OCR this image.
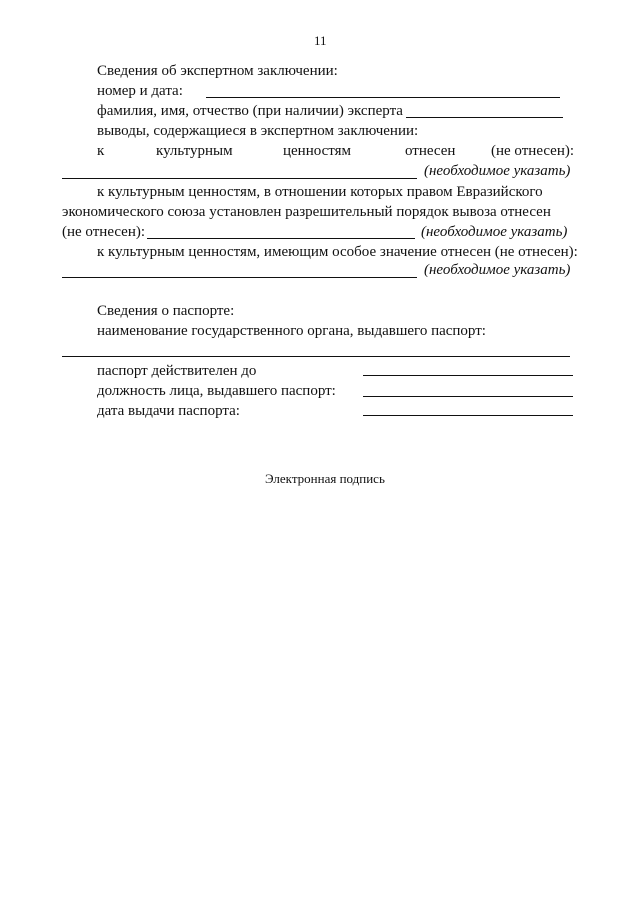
11
Сведения об экспертном заключении:
номер и дата:
фамилия, имя, отчество (при наличии) эксперта
выводы, содержащиеся в экспертном заключении:
к	культурным	ценностям	отнесен (не отнесен):
(необходимое указать)
к культурным ценностям, в отношении которых правом Евразийского
экономического союза установлен разрешительный порядок вывоза отнесен
(не отнесен):	(необходимое указать)
к культурным ценностям, имеющим особое значение отнесен (не отнесен):
(необходимое указать)
Сведения о паспорте:
наименование государственного органа, выдавшего паспорт:
паспорт действителен до
должность лица, выдавшего паспорт:
дата выдачи паспорта:
Электронная подпись
